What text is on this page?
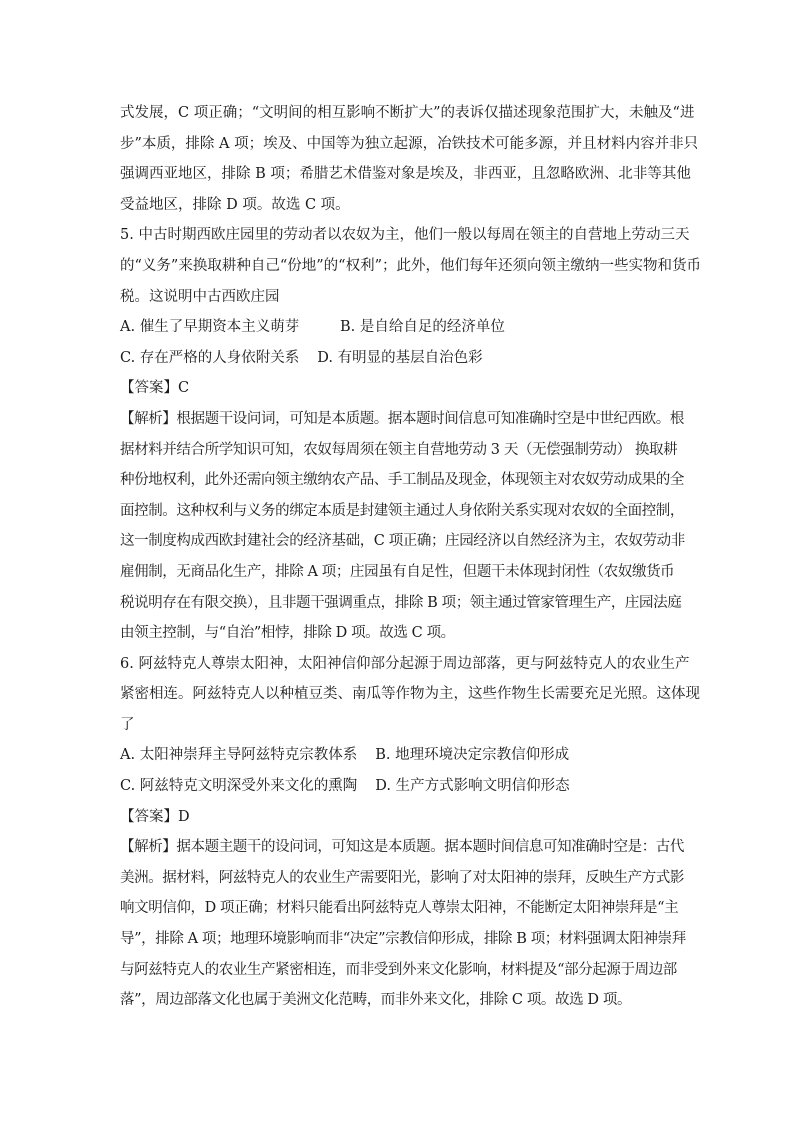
式发展，C 项正确；“文明间的相互影响不断扩大”的表诉仅描述现象范围扩大，未触及“进
步”本质，排除 A 项；埃及、中国等为独立起源，冶铁技术可能多源，并且材料内容并非只
强调西亚地区，排除 B 项；希腊艺术借鉴对象是埃及，非西亚，且忽略欧洲、北非等其他
受益地区，排除 D 项。故选 C 项。
5. 中古时期西欧庄园里的劳动者以农奴为主，他们一般以每周在领主的自营地上劳动三天
的“义务”来换取耕种自己“份地”的“权利”；此外，他们每年还须向领主缴纳一些实物和货币
税。这说明中古西欧庄园
A. 催生了早期资本主义萌芽	B. 是自给自足的经济单位
C. 存在严格的人身依附关系 D. 有明显的基层自治色彩
【答案】C
【解析】根据题干设问词，可知是本质题。据本题时间信息可知准确时空是中世纪西欧。根
据材料并结合所学知识可知，农奴每周须在领主自营地劳动 3 天（无偿强制劳动） 换取耕
种份地权利，此外还需向领主缴纳农产品、手工制品及现金，体现领主对农奴劳动成果的全
面控制。这种权利与义务的绑定本质是封建领主通过人身依附关系实现对农奴的全面控制，
这一制度构成西欧封建社会的经济基础，C 项正确；庄园经济以自然经济为主，农奴劳动非
雇佣制，无商品化生产，排除 A 项；庄园虽有自足性，但题干未体现封闭性（农奴缴货币
税说明存在有限交换），且非题干强调重点，排除 B 项；领主通过管家管理生产，庄园法庭
由领主控制，与“自治”相悖，排除 D 项。故选 C 项。
6. 阿兹特克人尊崇太阳神，太阳神信仰部分起源于周边部落，更与阿兹特克人的农业生产
紧密相连。阿兹特克人以种植豆类、南瓜等作物为主，这些作物生长需要充足光照。这体现
了
A. 太阳神崇拜主导阿兹特克宗教体系 B. 地理环境决定宗教信仰形成
C. 阿兹特克文明深受外来文化的熏陶 D. 生产方式影响文明信仰形态
【答案】D
【解析】据本题主题干的设问词，可知这是本质题。据本题时间信息可知准确时空是：古代
美洲。据材料，阿兹特克人的农业生产需要阳光，影响了对太阳神的崇拜，反映生产方式影
响文明信仰，D 项正确；材料只能看出阿兹特克人尊崇太阳神，不能断定太阳神崇拜是“主
导”，排除 A 项；地理环境影响而非“决定”宗教信仰形成，排除 B 项；材料强调太阳神崇拜
与阿兹特克人的农业生产紧密相连，而非受到外来文化影响，材料提及“部分起源于周边部
落”，周边部落文化也属于美洲文化范畴，而非外来文化，排除 C 项。故选 D 项。
